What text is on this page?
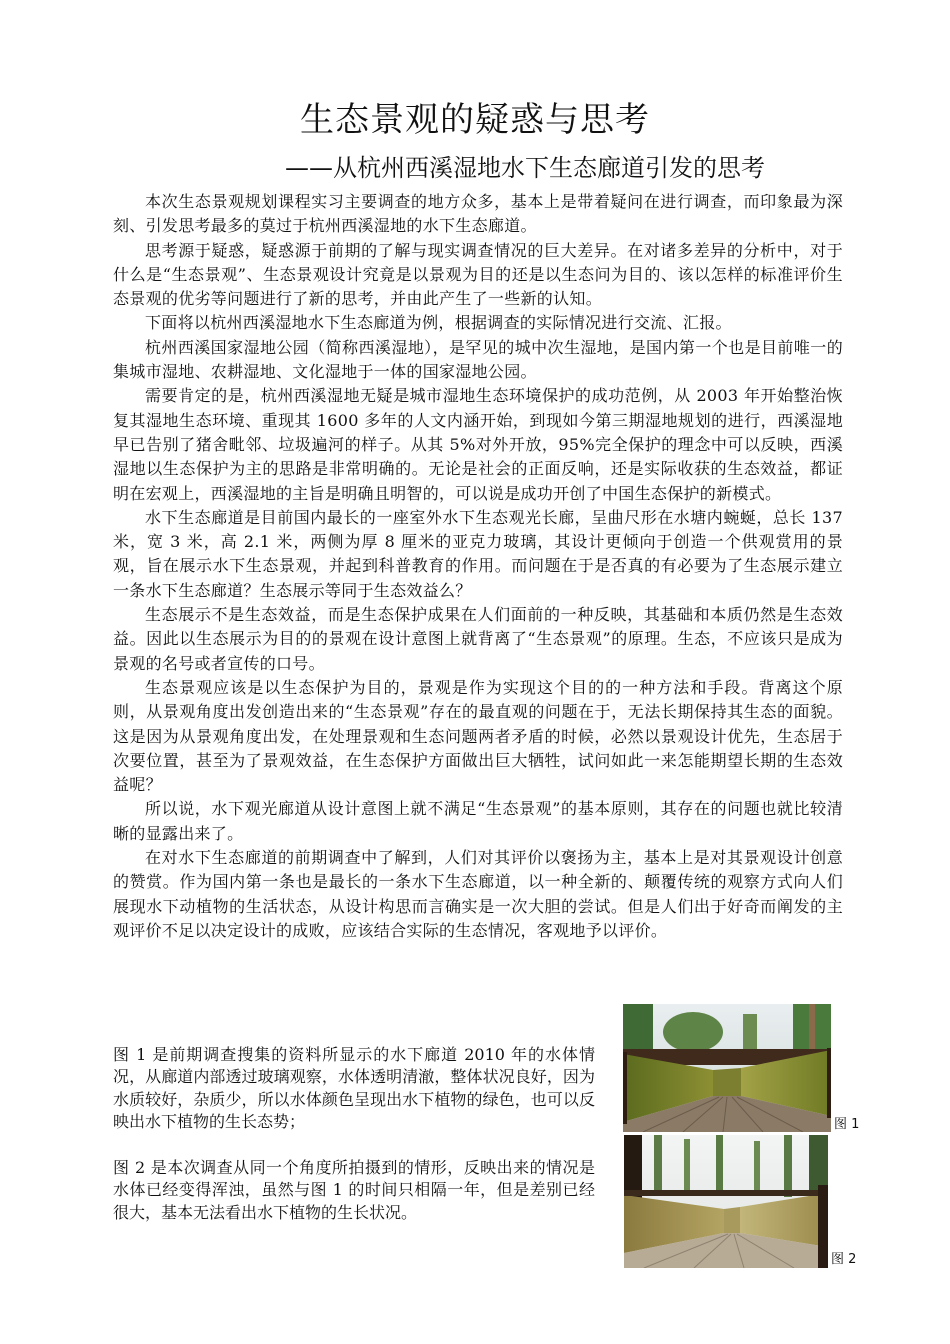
生态景观的疑惑与思考
——从杭州西溪湿地水下生态廊道引发的思考

本次生态景观规划课程实习主要调查的地方众多，基本上是带着疑问在进行调查，而印象最为深刻、引发思考最多的莫过于杭州西溪湿地的水下生态廊道。

思考源于疑惑，疑惑源于前期的了解与现实调查情况的巨大差异。在对诸多差异的分析中，对于什么是“生态景观”、生态景观设计究竟是以景观为目的还是以生态问为目的、该以怎样的标准评价生态景观的优劣等问题进行了新的思考，并由此产生了一些新的认知。

下面将以杭州西溪湿地水下生态廊道为例，根据调查的实际情况进行交流、汇报。

杭州西溪国家湿地公园（简称西溪湿地），是罕见的城中次生湿地，是国内第一个也是目前唯一的集城市湿地、农耕湿地、文化湿地于一体的国家湿地公园。

需要肯定的是，杭州西溪湿地无疑是城市湿地生态环境保护的成功范例，从 2003 年开始整治恢复其湿地生态环境、重现其 1600 多年的人文内涵开始，到现如今第三期湿地规划的进行，西溪湿地早已告别了猪舍毗邻、垃圾遍河的样子。从其 5%对外开放，95%完全保护的理念中可以反映，西溪湿地以生态保护为主的思路是非常明确的。无论是社会的正面反响，还是实际收获的生态效益，都证明在宏观上，西溪湿地的主旨是明确且明智的，可以说是成功开创了中国生态保护的新模式。

水下生态廊道是目前国内最长的一座室外水下生态观光长廊，呈曲尺形在水塘内蜿蜒，总长 137 米，宽 3 米，高 2.1 米，两侧为厚 8 厘米的亚克力玻璃，其设计更倾向于创造一个供观赏用的景观，旨在展示水下生态景观，并起到科普教育的作用。而问题在于是否真的有必要为了生态展示建立一条水下生态廊道？生态展示等同于生态效益么？

生态展示不是生态效益，而是生态保护成果在人们面前的一种反映，其基础和本质仍然是生态效益。因此以生态展示为目的的景观在设计意图上就背离了“生态景观”的原理。生态，不应该只是成为景观的名号或者宣传的口号。

生态景观应该是以生态保护为目的，景观是作为实现这个目的的一种方法和手段。背离这个原则，从景观角度出发创造出来的“生态景观”存在的最直观的问题在于，无法长期保持其生态的面貌。这是因为从景观角度出发，在处理景观和生态问题两者矛盾的时候，必然以景观设计优先，生态居于次要位置，甚至为了景观效益，在生态保护方面做出巨大牺牲，试问如此一来怎能期望长期的生态效益呢？

所以说，水下观光廊道从设计意图上就不满足“生态景观”的基本原则，其存在的问题也就比较清晰的显露出来了。

在对水下生态廊道的前期调查中了解到，人们对其评价以褒扬为主，基本上是对其景观设计创意的赞赏。作为国内第一条也是最长的一条水下生态廊道，以一种全新的、颠覆传统的观察方式向人们展现水下动植物的生活状态，从设计构思而言确实是一次大胆的尝试。但是人们出于好奇而阐发的主观评价不足以决定设计的成败，应该结合实际的生态情况，客观地予以评价。

图 1 是前期调查搜集的资料所显示的水下廊道 2010 年的水体情况，从廊道内部透过玻璃观察，水体透明清澈，整体状况良好，因为水质较好，杂质少，所以水体颜色呈现出水下植物的绿色，也可以反映出水下植物的生长态势；

图 2 是本次调查从同一个角度所拍摄到的情形，反映出来的情况是水体已经变得浑浊，虽然与图 1 的时间只相隔一年，但是差别已经很大，基本无法看出水下植物的生长状况。

图 1
图 2
